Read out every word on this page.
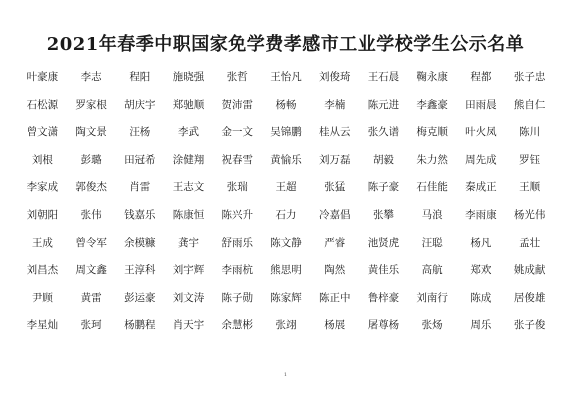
2021年春季中职国家免学费孝感市工业学校学生公示名单
叶豪康	李志	程阳	施晓强	张哲	王怡凡	刘俊琦	王石晨	鞠永康	程都	张子忠
石松源	罗家根	胡庆宇	郑驰顺	贺沛雷	杨畅	李楠	陈元进	李鑫豪	田雨晨	熊自仁
曾文潇	陶文景	汪杨	李武	金一文	吴锦鹏	桂从云	张久谱	梅克顺	叶火凤	陈川
刘根	彭璐	田冠希	涂健翔	祝春雪	黄愉乐	刘万磊	胡毅	朱力然	周先成	罗钰
李家成	郭俊杰	肖雷	王志文	张瑞	王超	张猛	陈子豪	石佳能	秦成正	王顺
刘朝阳	张伟	钱嘉乐	陈康恒	陈兴升	石力	冷嘉倡	张攀	马浪	李雨康	杨光伟
王成	曾令军	余模糠	龚宇	舒雨乐	陈文静	严睿	池贤虎	汪聪	杨凡	孟壮
刘昌杰	周文鑫	王淳科	刘宇辉	李雨杭	熊思明	陶然	黄佳乐	高航	郑欢	姚成献
尹顾	黄雷	彭运豪	刘文涛	陈子勋	陈家辉	陈正中	鲁梓豪	刘南行	陈成	居俊雄
李星灿	张珂	杨鹏程	肖天宇	余慧彬	张翊	杨展	屠尊杨	张炀	周乐	张子俊
1
